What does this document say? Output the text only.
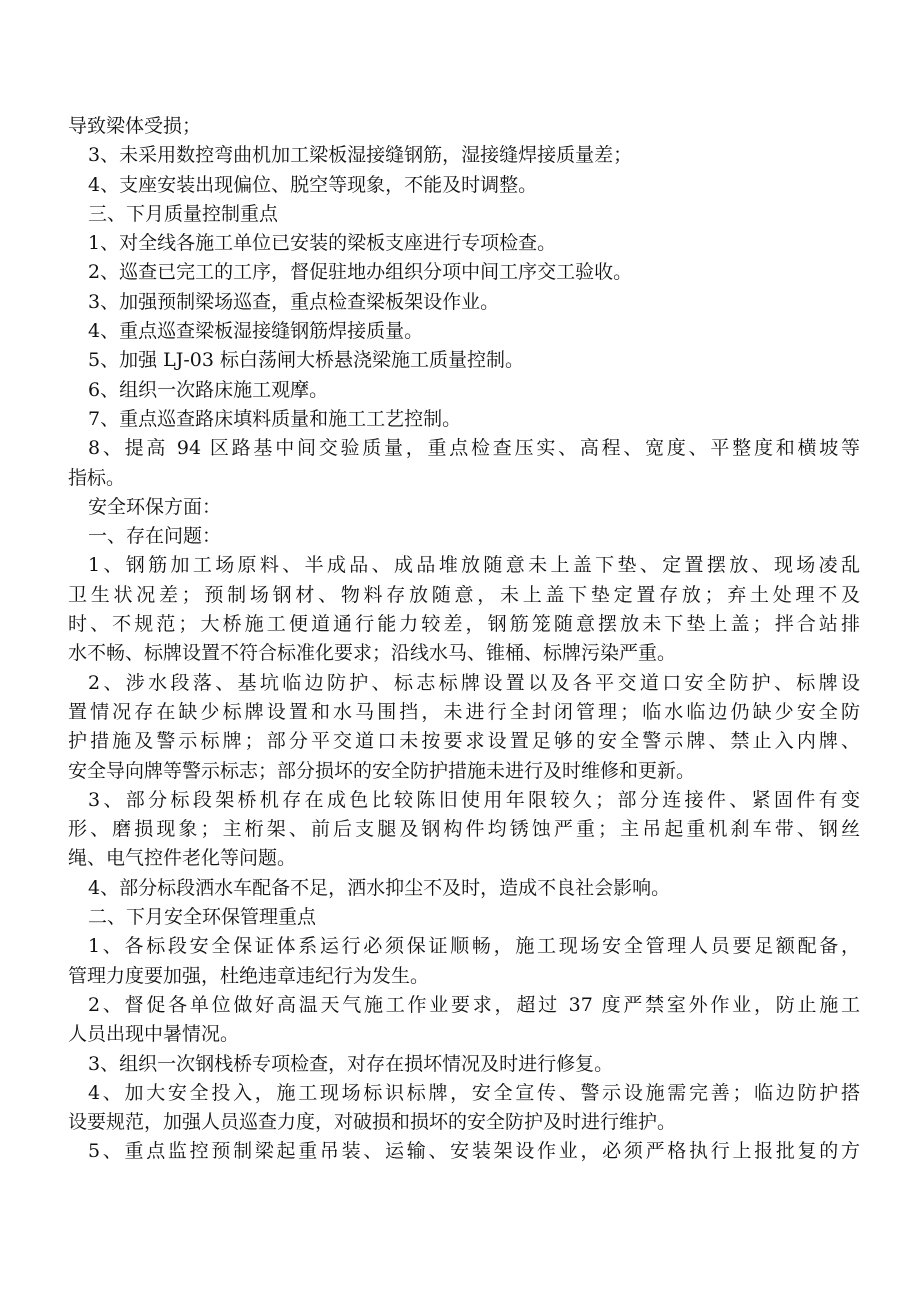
导致梁体受损；
3、未采用数控弯曲机加工梁板湿接缝钢筋，湿接缝焊接质量差；
4、支座安装出现偏位、脱空等现象，不能及时调整。
三、下月质量控制重点
1、对全线各施工单位已安装的梁板支座进行专项检查。
2、巡查已完工的工序，督促驻地办组织分项中间工序交工验收。
3、加强预制梁场巡查，重点检查梁板架设作业。
4、重点巡查梁板湿接缝钢筋焊接质量。
5、加强 LJ-03 标白荡闸大桥悬浇梁施工质量控制。
6、组织一次路床施工观摩。
7、重点巡查路床填料质量和施工工艺控制。
8、提高 94 区路基中间交验质量，重点检查压实、高程、宽度、平整度和横坡等
指标。
安全环保方面：
一、存在问题：
1、钢筋加工场原料、半成品、成品堆放随意未上盖下垫、定置摆放、现场凌乱
卫生状况差；预制场钢材、物料存放随意，未上盖下垫定置存放；弃土处理不及
时、不规范；大桥施工便道通行能力较差，钢筋笼随意摆放未下垫上盖；拌合站排
水不畅、标牌设置不符合标准化要求；沿线水马、锥桶、标牌污染严重。
2、涉水段落、基坑临边防护、标志标牌设置以及各平交道口安全防护、标牌设
置情况存在缺少标牌设置和水马围挡，未进行全封闭管理；临水临边仍缺少安全防
护措施及警示标牌；部分平交道口未按要求设置足够的安全警示牌、禁止入内牌、
安全导向牌等警示标志；部分损坏的安全防护措施未进行及时维修和更新。
3、部分标段架桥机存在成色比较陈旧使用年限较久；部分连接件、紧固件有变
形、磨损现象；主桁架、前后支腿及钢构件均锈蚀严重；主吊起重机刹车带、钢丝
绳、电气控件老化等问题。
4、部分标段洒水车配备不足，洒水抑尘不及时，造成不良社会影响。
二、下月安全环保管理重点
1、各标段安全保证体系运行必须保证顺畅，施工现场安全管理人员要足额配备，
管理力度要加强，杜绝违章违纪行为发生。
2、督促各单位做好高温天气施工作业要求，超过 37 度严禁室外作业，防止施工
人员出现中暑情况。
3、组织一次钢栈桥专项检查，对存在损坏情况及时进行修复。
4、加大安全投入，施工现场标识标牌，安全宣传、警示设施需完善；临边防护搭
设要规范，加强人员巡查力度，对破损和损坏的安全防护及时进行维护。
5、重点监控预制梁起重吊装、运输、安装架设作业，必须严格执行上报批复的方
